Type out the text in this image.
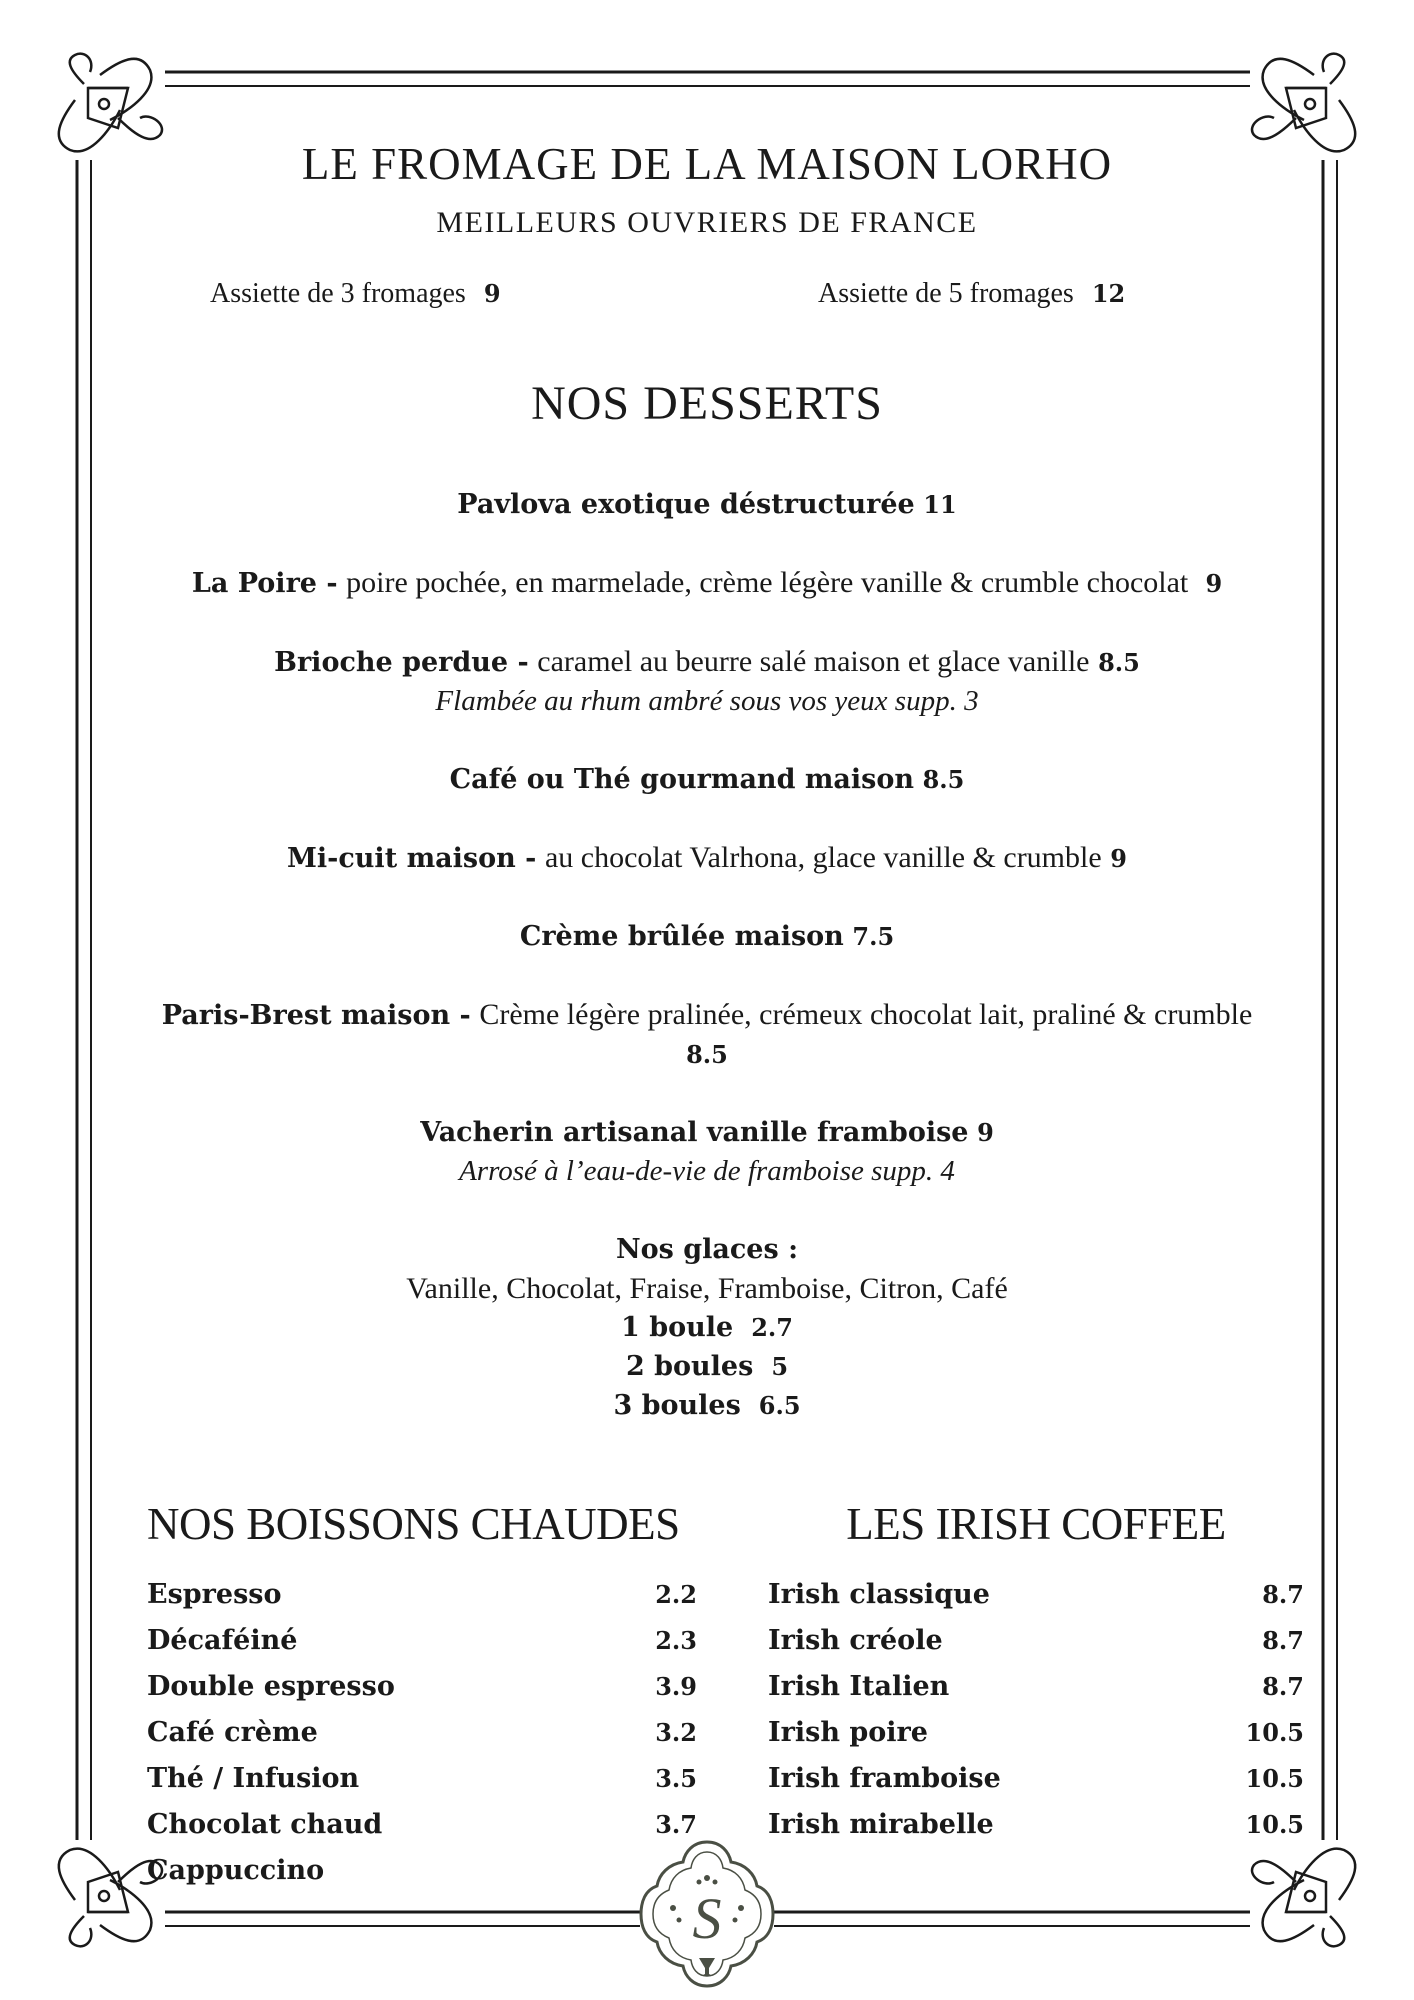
LE FROMAGE DE LA MAISON LORHO
MEILLEURS OUVRIERS DE FRANCE
Assiette de 3 fromages 9	Assiette de 5 fromages 12
NOS DESSERTS
Pavlova exotique déstructurée 11
La Poire - poire pochée, en marmelade, crème légère vanille & crumble chocolat 9
Brioche perdue - caramel au beurre salé maison et glace vanille 8.5
Flambée au rhum ambré sous vos yeux supp. 3
Café ou Thé gourmand maison 8.5
Mi-cuit maison - au chocolat Valrhona, glace vanille & crumble 9
Crème brûlée maison 7.5
Paris-Brest maison - Crème légère pralinée, crémeux chocolat lait, praliné & crumble 8.5
Vacherin artisanal vanille framboise 9
Arrosé à l’eau-de-vie de framboise supp. 4
Nos glaces :
Vanille, Chocolat, Fraise, Framboise, Citron, Café
1 boule 2.7
2 boules 5
3 boules 6.5
NOS BOISSONS CHAUDES
Espresso	2.2
Décaféiné	2.3
Double espresso	3.9
Café crème	3.2
Thé / Infusion	3.5
Chocolat chaud	3.7
Cappuccino
LES IRISH COFFEE
Irish classique	8.7
Irish créole	8.7
Irish Italien	8.7
Irish poire	10.5
Irish framboise	10.5
Irish mirabelle	10.5
S
